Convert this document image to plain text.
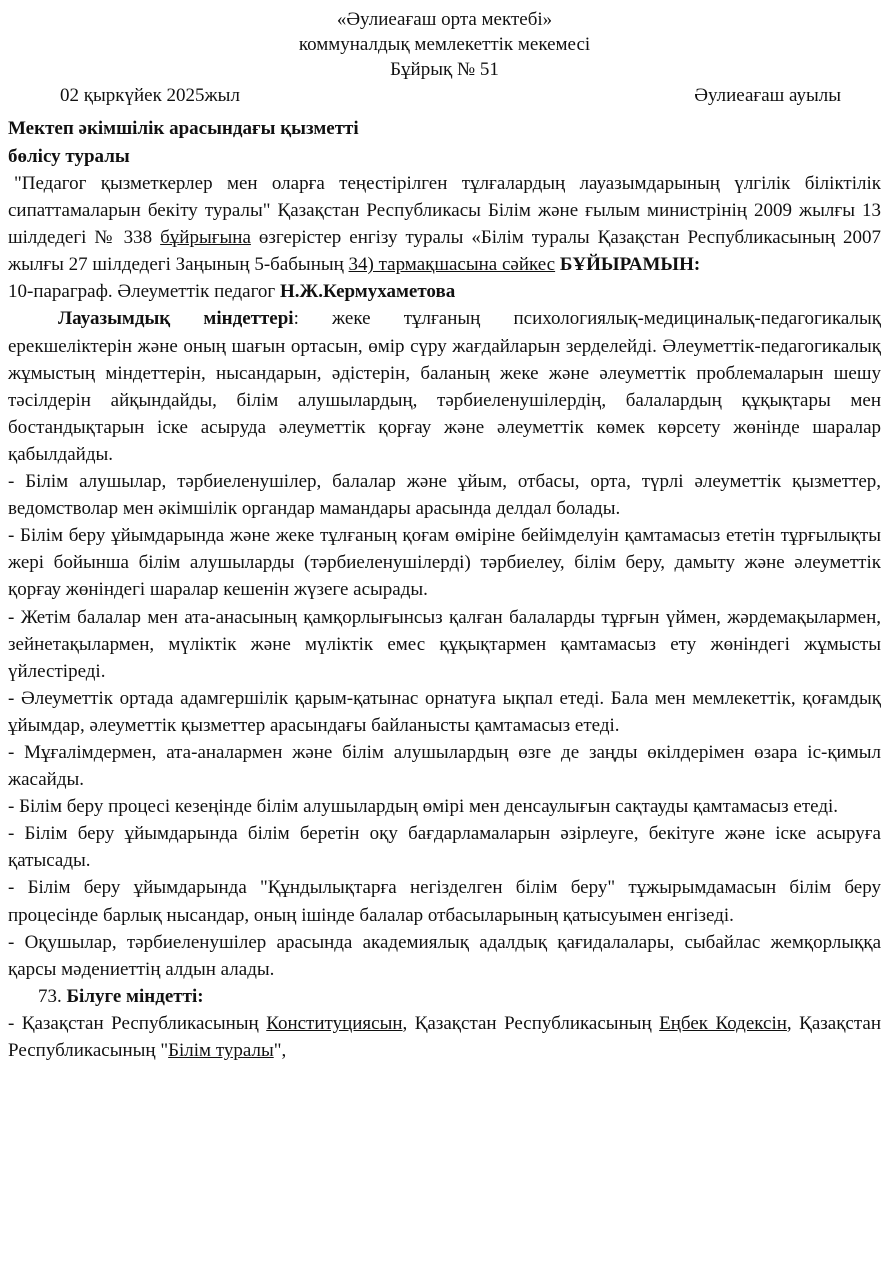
«Әулиеағаш орта мектебі»

коммуналдық мемлекеттік мекемесі

Бұйрық № 51

02 қыркүйек 2025жыл	Әулиеағаш ауылы
Мектеп әкімшілік арасындағы қызметті
бөлісу туралы

"Педагог қызметкерлер мен оларға теңестірілген тұлғалардың лауазымдарының үлгілік біліктілік сипаттамаларын бекіту туралы" Қазақстан Республикасы Білім және ғылым министрінің 2009 жылғы 13 шілдедегі № 338 бұйрығына өзгерістер енгізу туралы «Білім туралы Қазақстан Республикасының 2007 жылғы 27 шілдедегі Заңының 5-бабының 34) тармақшасына сәйкес БҰЙЫРАМЫН:

10-параграф. Әлеуметтік педагог Н.Ж.Кермухаметова

Лауазымдық міндеттері: жеке тұлғаның психологиялық-медициналық-педагогикалық ерекшеліктерін және оның шағын ортасын, өмір сүру жағдайларын зерделейді. Әлеуметтік-педагогикалық жұмыстың міндеттерін, нысандарын, әдістерін, баланың жеке және әлеуметтік проблемаларын шешу тәсілдерін айқындайды, білім алушылардың, тәрбиеленушілердің, балалардың құқықтары мен бостандықтарын іске асыруда әлеуметтік қорғау және әлеуметтік көмек көрсету жөнінде шаралар қабылдайды.

- Білім алушылар, тәрбиеленушілер, балалар және ұйым, отбасы, орта, түрлі әлеуметтік қызметтер, ведомстволар мен әкімшілік органдар мамандары арасында делдал болады.

- Білім беру ұйымдарында және жеке тұлғаның қоғам өміріне бейімделуін қамтамасыз ететін тұрғылықты жері бойынша білім алушыларды (тәрбиеленушілерді) тәрбиелеу, білім беру, дамыту және әлеуметтік қорғау жөніндегі шаралар кешенін жүзеге асырады.

- Жетім балалар мен ата-анасының қамқорлығынсыз қалған балаларды тұрғын үймен, жәрдемақылармен, зейнетақылармен, мүліктік және мүліктік емес құқықтармен қамтамасыз ету жөніндегі жұмысты үйлестіреді.

- Әлеуметтік ортада адамгершілік қарым-қатынас орнатуға ықпал етеді. Бала мен мемлекеттік, қоғамдық ұйымдар, әлеуметтік қызметтер арасындағы байланысты қамтамасыз етеді.

- Мұғалімдермен, ата-аналармен және білім алушылардың өзге де заңды өкілдерімен өзара іс-қимыл жасайды.

- Білім беру процесі кезеңінде білім алушылардың өмірі мен денсаулығын сақтауды қамтамасыз етеді.

- Білім беру ұйымдарында білім беретін оқу бағдарламаларын әзірлеуге, бекітуге және іске асыруға қатысады.

- Білім беру ұйымдарында "Құндылықтарға негізделген білім беру" тұжырымдамасын білім беру процесінде барлық нысандар, оның ішінде балалар отбасыларының қатысуымен енгізеді.

- Оқушылар, тәрбиеленушілер арасында академиялық адалдық қағидалалары, сыбайлас жемқорлыққа қарсы мәдениеттің алдын алады.

73. Білуге міндетті:

- Қазақстан Республикасының Конституциясын, Қазақстан Республикасының Еңбек Кодексін, Қазақстан Республикасының "Білім туралы",
